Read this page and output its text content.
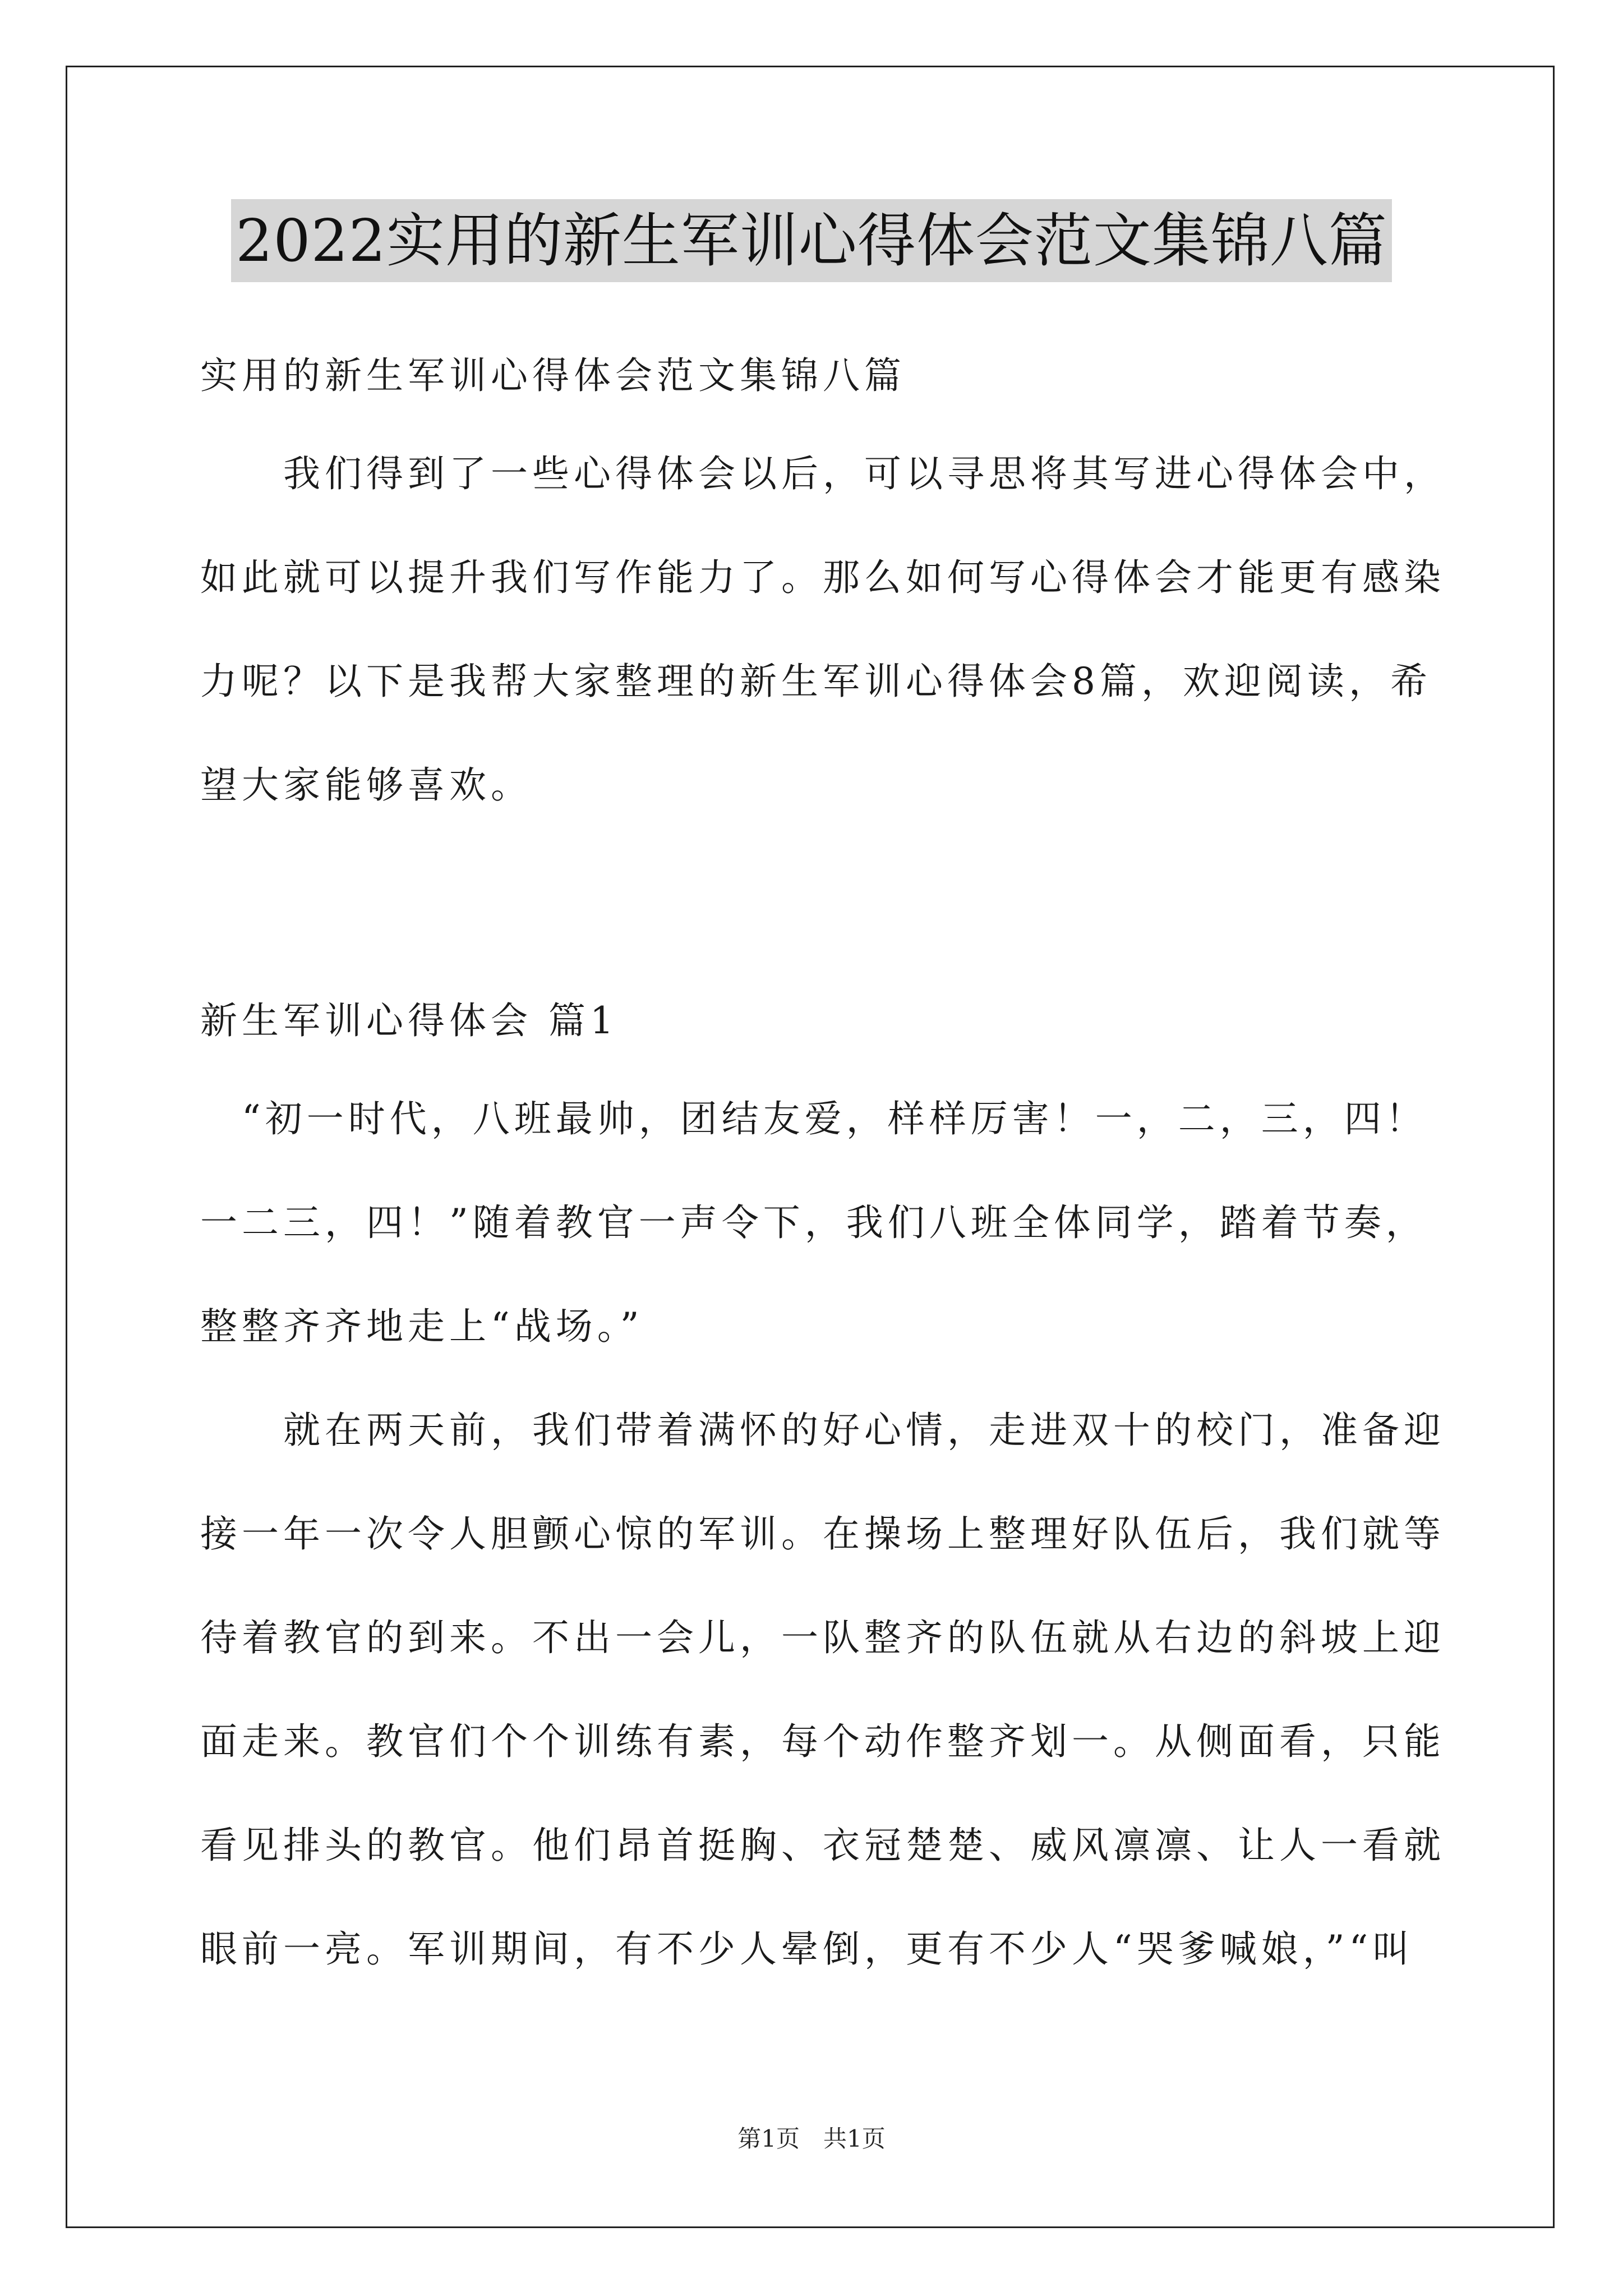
2022实用的新生军训心得体会范文集锦八篇
实用的新生军训心得体会范文集锦八篇
　　我们得到了一些心得体会以后，可以寻思将其写进心得体会中，
如此就可以提升我们写作能力了。那么如何写心得体会才能更有感染
力呢？以下是我帮大家整理的新生军训心得体会8篇，欢迎阅读，希
望大家能够喜欢。
新生军训心得体会 篇1
　“初一时代，八班最帅，团结友爱，样样厉害！一，二，三，四！
一二三，四！”随着教官一声令下，我们八班全体同学，踏着节奏，
整整齐齐地走上“战场。”
　　就在两天前，我们带着满怀的好心情，走进双十的校门，准备迎
接一年一次令人胆颤心惊的军训。在操场上整理好队伍后，我们就等
待着教官的到来。不出一会儿，一队整齐的队伍就从右边的斜坡上迎
面走来。教官们个个训练有素，每个动作整齐划一。从侧面看，只能
看见排头的教官。他们昂首挺胸、衣冠楚楚、威风凛凛、让人一看就
眼前一亮。军训期间，有不少人晕倒，更有不少人“哭爹喊娘，”“叫
第1页　共1页
